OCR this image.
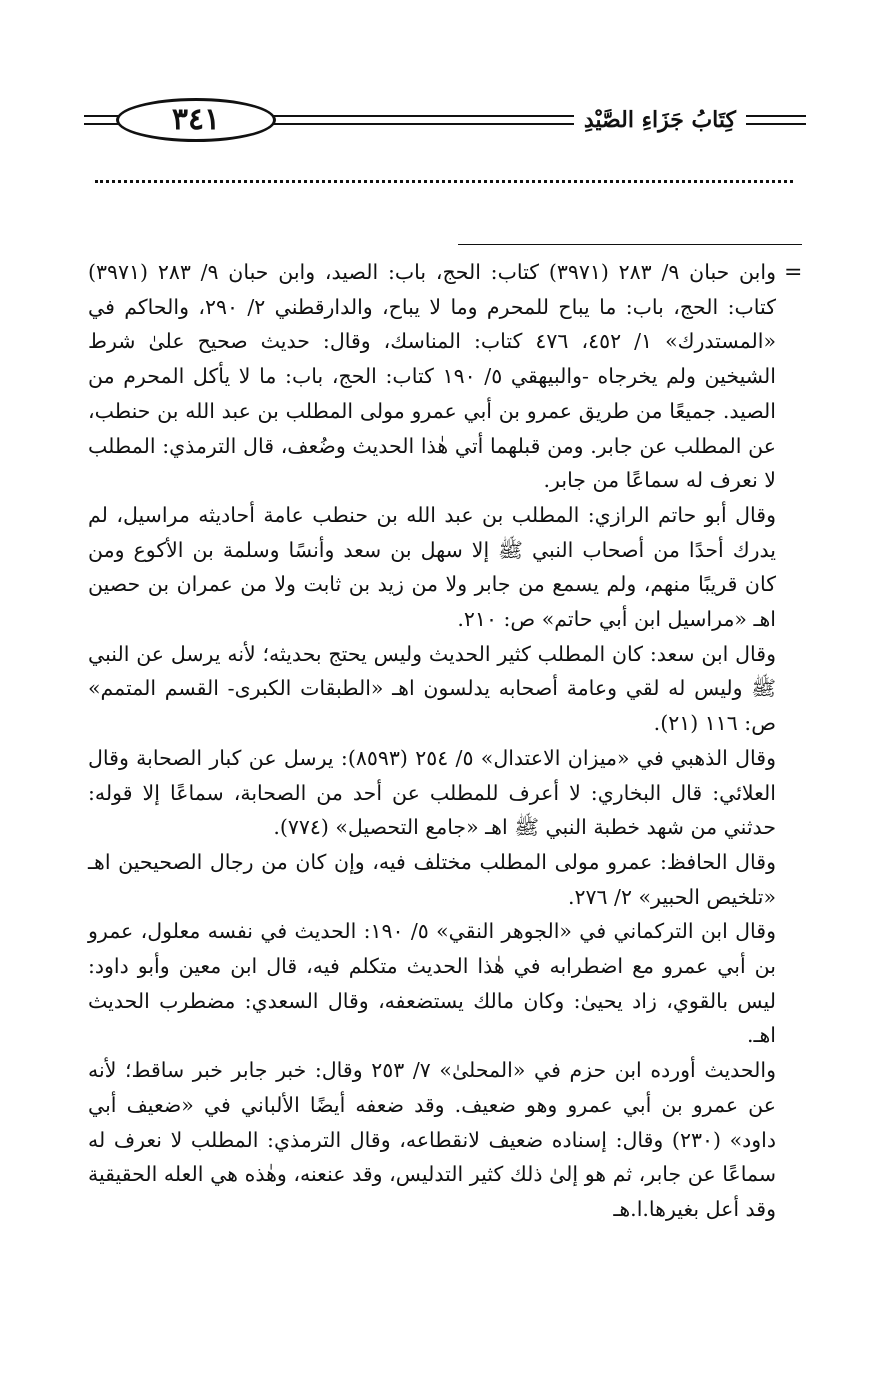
٣٤١	كِتَابُ جَزَاءِ الصَّيْدِ
=

وابن حبان ٩/ ٢٨٣ (٣٩٧١) كتاب: الحج، باب: الصيد، وابن حبان ٩/ ٢٨٣ (٣٩٧١) كتاب: الحج، باب: ما يباح للمحرم وما لا يباح، والدارقطني ٢/ ٢٩٠، والحاكم في «المستدرك» ١/ ٤٥٢، ٤٧٦ كتاب: المناسك، وقال: حديث صحيح علىٰ شرط الشيخين ولم يخرجاه -والبيهقي ٥/ ١٩٠ كتاب: الحج، باب: ما لا يأكل المحرم من الصيد. جميعًا من طريق عمرو بن أبي عمرو مولى المطلب بن عبد الله بن حنطب، عن المطلب عن جابر. ومن قبلهما أتي هٰذا الحديث وضُعف، قال الترمذي: المطلب لا نعرف له سماعًا من جابر.

وقال أبو حاتم الرازي: المطلب بن عبد الله بن حنطب عامة أحاديثه مراسيل، لم يدرك أحدًا من أصحاب النبي ﷺ إلا سهل بن سعد وأنسًا وسلمة بن الأكوع ومن كان قريبًا منهم، ولم يسمع من جابر ولا من زيد بن ثابت ولا من عمران بن حصين اهـ «مراسيل ابن أبي حاتم» ص: ٢١٠.

وقال ابن سعد: كان المطلب كثير الحديث وليس يحتج بحديثه؛ لأنه يرسل عن النبي ﷺ وليس له لقي وعامة أصحابه يدلسون اهـ «الطبقات الكبرى- القسم المتمم» ص: ١١٦ (٢١).

وقال الذهبي في «ميزان الاعتدال» ٥/ ٢٥٤ (٨٥٩٣): يرسل عن كبار الصحابة وقال العلائي: قال البخاري: لا أعرف للمطلب عن أحد من الصحابة، سماعًا إلا قوله: حدثني من شهد خطبة النبي ﷺ اهـ «جامع التحصيل» (٧٧٤).

وقال الحافظ: عمرو مولى المطلب مختلف فيه، وإن كان من رجال الصحيحين اهـ «تلخيص الحبير» ٢/ ٢٧٦.

وقال ابن التركماني في «الجوهر النقي» ٥/ ١٩٠: الحديث في نفسه معلول، عمرو بن أبي عمرو مع اضطرابه في هٰذا الحديث متكلم فيه، قال ابن معين وأبو داود: ليس بالقوي، زاد يحيىٰ: وكان مالك يستضعفه، وقال السعدي: مضطرب الحديث اهـ.

والحديث أورده ابن حزم في «المحلىٰ» ٧/ ٢٥٣ وقال: خبر جابر خبر ساقط؛ لأنه عن عمرو بن أبي عمرو وهو ضعيف. وقد ضعفه أيضًا الألباني في «ضعيف أبي داود» (٢٣٠) وقال: إسناده ضعيف لانقطاعه، وقال الترمذي: المطلب لا نعرف له سماعًا عن جابر، ثم هو إلىٰ ذلك كثير التدليس، وقد عنعنه، وهٰذه هي العله الحقيقية وقد أعل بغيرها.ا.هـ
